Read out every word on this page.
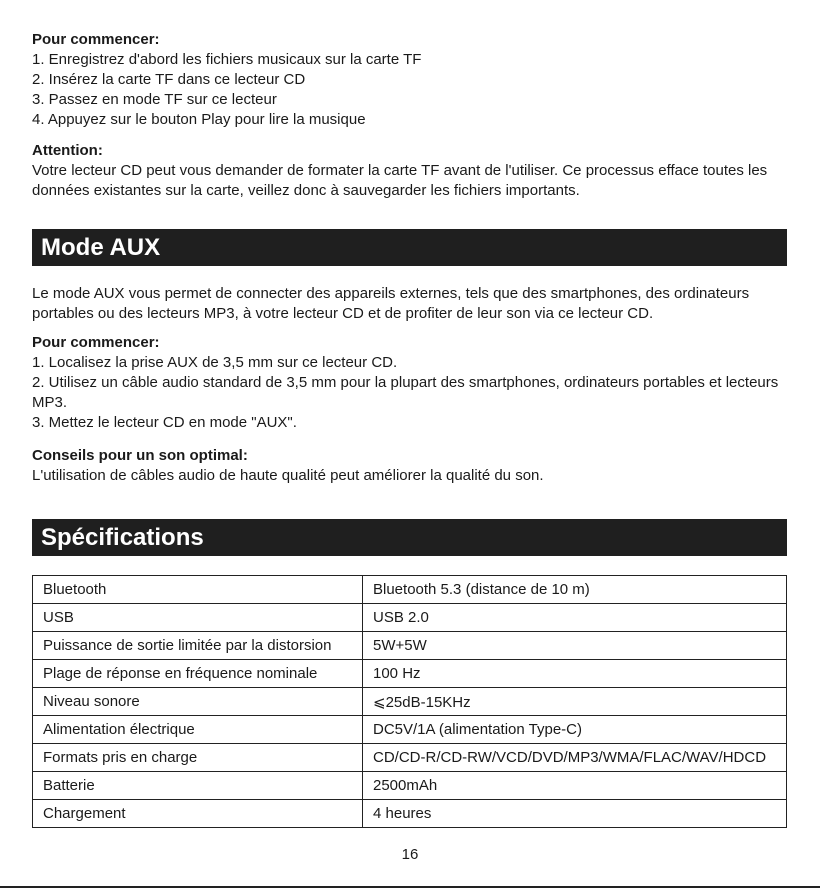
Pour commencer:

1. Enregistrez d'abord les fichiers musicaux sur la carte TF

2. Insérez la carte TF dans ce lecteur CD

3. Passez en mode TF sur ce lecteur

4. Appuyez sur le bouton Play pour lire la musique

Attention:

Votre lecteur CD peut vous demander de formater la carte TF avant de l'utiliser. Ce processus efface toutes les données existantes sur la carte, veillez donc à sauvegarder les fichiers importants.

Mode AUX

Le mode AUX vous permet de connecter des appareils externes, tels que des smartphones, des ordinateurs portables ou des lecteurs MP3, à votre lecteur CD et de profiter de leur son via ce lecteur CD.

Pour commencer:

1. Localisez la prise AUX de 3,5 mm sur ce lecteur CD.

2. Utilisez un câble audio standard de 3,5 mm pour la plupart des smartphones, ordinateurs portables et lecteurs MP3.

3. Mettez le lecteur CD en mode "AUX".

Conseils pour un son optimal:

L'utilisation de câbles audio de haute qualité peut améliorer la qualité du son.

Spécifications
Bluetooth	Bluetooth 5.3 (distance de 10 m)
USB	USB 2.0
Puissance de sortie limitée par la distorsion	5W+5W
Plage de réponse en fréquence nominale	100 Hz
Niveau sonore	⩽25dB-15KHz
Alimentation électrique	DC5V/1A (alimentation Type-C)
Formats pris en charge	CD/CD-R/CD-RW/VCD/DVD/MP3/WMA/FLAC/WAV/HDCD
Batterie	2500mAh
Chargement	4 heures
16
